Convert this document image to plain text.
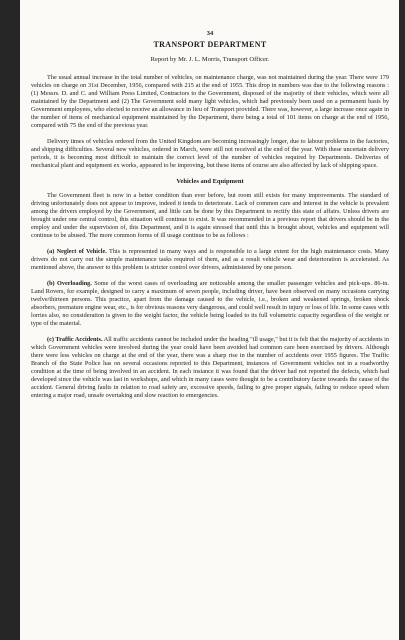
34

TRANSPORT DEPARTMENT
Report by Mr. J. L. Morris, Transport Officer.

The usual annual increase in the total number of vehicles, on maintenance charge, was not maintained during the year. There were 179 vehicles on charge on 31st December, 1956, compared with 215 at the end of 1955. This drop in numbers was due to the following reasons : (1) Messrs. D. and C. and William Press Limited, Contractors to the Government, disposed of the majority of their vehicles, which were all maintained by the Department and (2) The Government sold many light vehicles, which had previously been used on a permanent basis by Government employees, who elected to receive an allowance in lieu of Transport provided. There was, however, a large increase once again in the number of items of mechanical equipment maintained by the Department, there being a total of 101 items on charge at the end of 1956, compared with 75 the end of the previous year.

Delivery times of vehicles ordered from the United Kingdom are becoming increasingly longer, due to labour problems in the factories, and shipping difficulties. Several new vehicles, ordered in March, were still not received at the end of the year. With these uncertain delivery periods, it is becoming most difficult to maintain the correct level of the number of vehicles required by Departments. Deliveries of mechanical plant and equipment ex works, appeared to be improving, but these items of course are also affected by lack of shipping space.

Vehicles and Equipment

The Government fleet is now in a better condition than ever before, but room still exists for many improvements. The standard of driving unfortunately does not appear to improve, indeed it tends to deteriorate. Lack of common care and interest in the vehicle is prevalent among the drivers employed by the Government, and little can be done by this Department to rectify this state of affairs. Unless drivers are brought under one central control, this situation will continue to exist. It was recommended in a previous report that drivers should be in the employ and under the supervision of, this Department, and it is again stressed that until this is brought about, vehicles and equipment will continue to be abused. The more common forms of ill usage continue to be as follows :

(a) Neglect of Vehicle. This is represented in many ways and is responsible to a large extent for the high maintenance costs. Many drivers do not carry out the simple maintenance tasks required of them, and as a result vehicle wear and deterioration is accelerated. As mentioned above, the answer to this problem is stricter control over drivers, administered by one person.

(b) Overloading. Some of the worst cases of overloading are noticeable among the smaller passenger vehicles and pick-ups. 86-in. Land Rovers, for example, designed to carry a maximum of seven people, including driver, have been observed on many occasions carrying twelve/thirteen persons. This practice, apart from the damage caused to the vehicle, i.e., broken and weakened springs, broken shock absorbers, premature engine wear, etc., is for obvious reasons very dangerous, and could well result in injury or loss of life. In some cases with lorries also, no consideration is given to the weight factor, the vehicle being loaded to its full volumetric capacity regardless of the weight or type of the material.

(c) Traffic Accidents. All traffic accidents cannot be included under the heading "ill usage," but it is felt that the majority of accidents in which Government vehicles were involved during the year could have been avoided had common care been exercised by drivers. Although there were less vehicles on charge at the end of the year, there was a sharp rise in the number of accidents over 1955 figures. The Traffic Branch of the State Police has on several occasions reported to this Department, instances of Government vehicles not in a roadworthy condition at the time of being involved in an accident. In each instance it was found that the driver had not reported the defects, which had developed since the vehicle was last in workshops, and which in many cases were thought to be a contributory factor towards the cause of the accident. General driving faults in relation to road safety are, excessive speeds, failing to give proper signals, failing to reduce speed when entering a major road, unsafe overtaking and slow reaction to emergencies.
